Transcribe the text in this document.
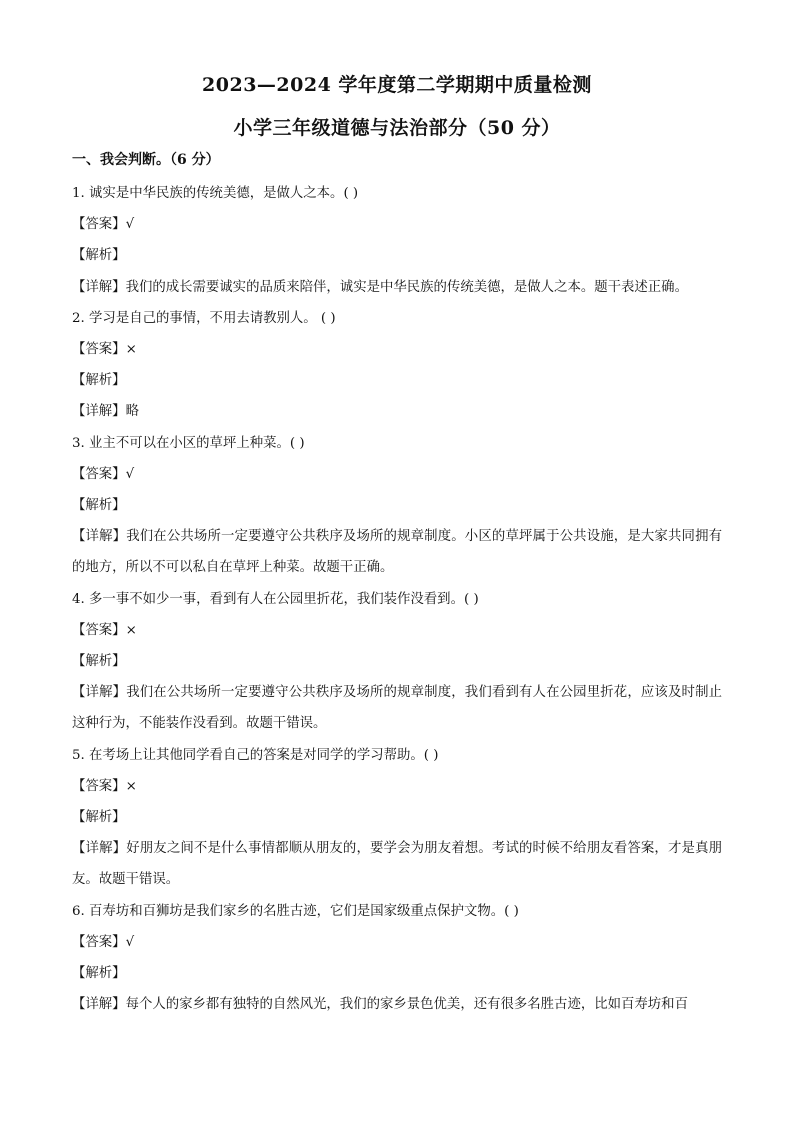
2023—2024 学年度第二学期期中质量检测
小学三年级道德与法治部分（50 分）
一、我会判断。（6 分）
1. 诚实是中华民族的传统美德，是做人之本。( )
【答案】√
【解析】
【详解】我们的成长需要诚实的品质来陪伴，诚实是中华民族的传统美德，是做人之本。题干表述正确。
2. 学习是自己的事情，不用去请教别人。 ( )
【答案】×
【解析】
【详解】略
3. 业主不可以在小区的草坪上种菜。( )
【答案】√
【解析】
【详解】我们在公共场所一定要遵守公共秩序及场所的规章制度。小区的草坪属于公共设施，是大家共同拥有的地方，所以不可以私自在草坪上种菜。故题干正确。
4. 多一事不如少一事，看到有人在公园里折花，我们装作没看到。( )
【答案】×
【解析】
【详解】我们在公共场所一定要遵守公共秩序及场所的规章制度，我们看到有人在公园里折花，应该及时制止这种行为，不能装作没看到。故题干错误。
5. 在考场上让其他同学看自己的答案是对同学的学习帮助。( )
【答案】×
【解析】
【详解】好朋友之间不是什么事情都顺从朋友的，要学会为朋友着想。考试的时候不给朋友看答案，才是真朋友。故题干错误。
6. 百寿坊和百狮坊是我们家乡的名胜古迹，它们是国家级重点保护文物。( )
【答案】√
【解析】
【详解】每个人的家乡都有独特的自然风光，我们的家乡景色优美，还有很多名胜古迹，比如百寿坊和百
